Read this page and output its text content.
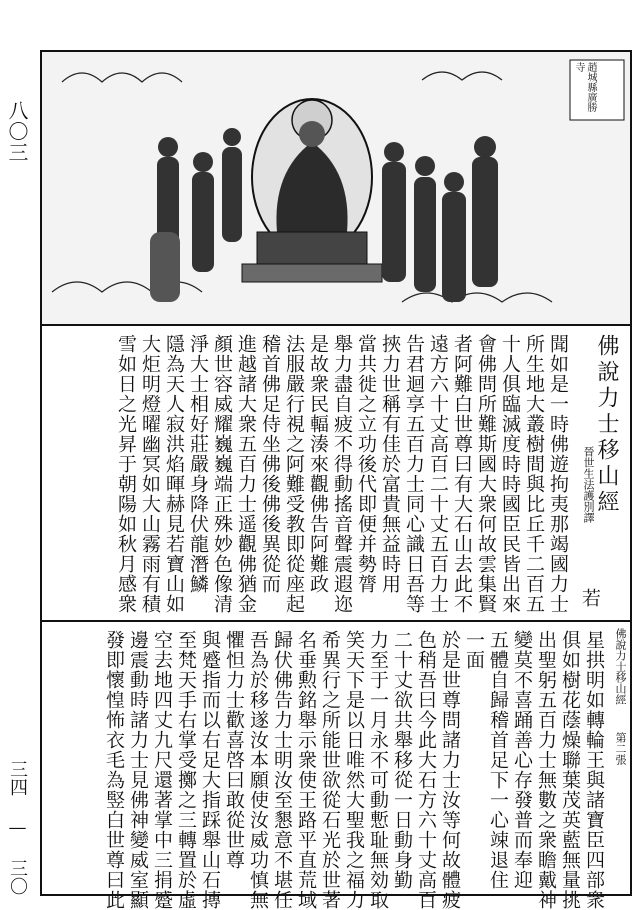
八〇三
三四 — 三〇
趙城縣廣勝寺
佛說力士移山經
晉世生法護別譯
聞如是一時佛遊拘夷那竭國力士
所生地大叢樹間與比丘千二百五
十人俱臨滅度時時國臣民皆出來
會佛問所難斯國大衆何故雲集賢
者阿難白世尊曰有大石山去此不
遠方六十丈高百二十丈五百力士
告君迴享五百力士同心識日吾等
挾力世稱有佳於富貴無益時用
當共徙之立功後代即便并勢膂
舉力盡自疲不得動搖音聲震遐迩
是故衆民輻湊來觀佛告阿難政
法服嚴行視之阿難受教即從座起
稽首佛足侍坐佛後佛後異從而
進越諸大衆五百力士遥觀佛猶金
顏世容威耀巍巍端正殊妙色像清
淨大士相好莊嚴身降伏龍潛鱗
隱為天人寂洪焰暉赫見若寶山如
大炬明燈曜幽冥如大山霧雨有積
雪如日之光昇于朝陽如秋月感衆	若
佛說力士移山經
第二張
星拱明如轉輪王與諸寶臣四部衆
俱如樹花蔭燥聯葉茂英藍無量挑
出聖躬五百力士無數之衆瞻戴神
變莫不喜踊善心存發普而奉迎
五體自歸稽首足下一心竦退住
一面
於是世尊問諸力士汝等何故體疲
色稍吾曰今此大石方六十丈高百
二十丈欲共舉移從一日動身勤
力至于一月永不可動慙耻無効取
笑天下是以日唯然大聖我之福力
希異行之所能世欲從石光於世著
名垂勲銘舉示衆使王路平直荒域
歸伏佛告力士明汝至懇意不堪任
吾為於移遂汝本願使汝威功慎無
懼怛力士歡喜啓曰敢從世尊
與蹙指而以右足大指踩舉山石摶
至梵天手右掌受擲之三轉置於虛
空去地四丈九尺還著掌中三捐蹙
邊震動時諸力士見佛神變威室顯
發即懷惶怖衣毛為竪白世尊曰此
